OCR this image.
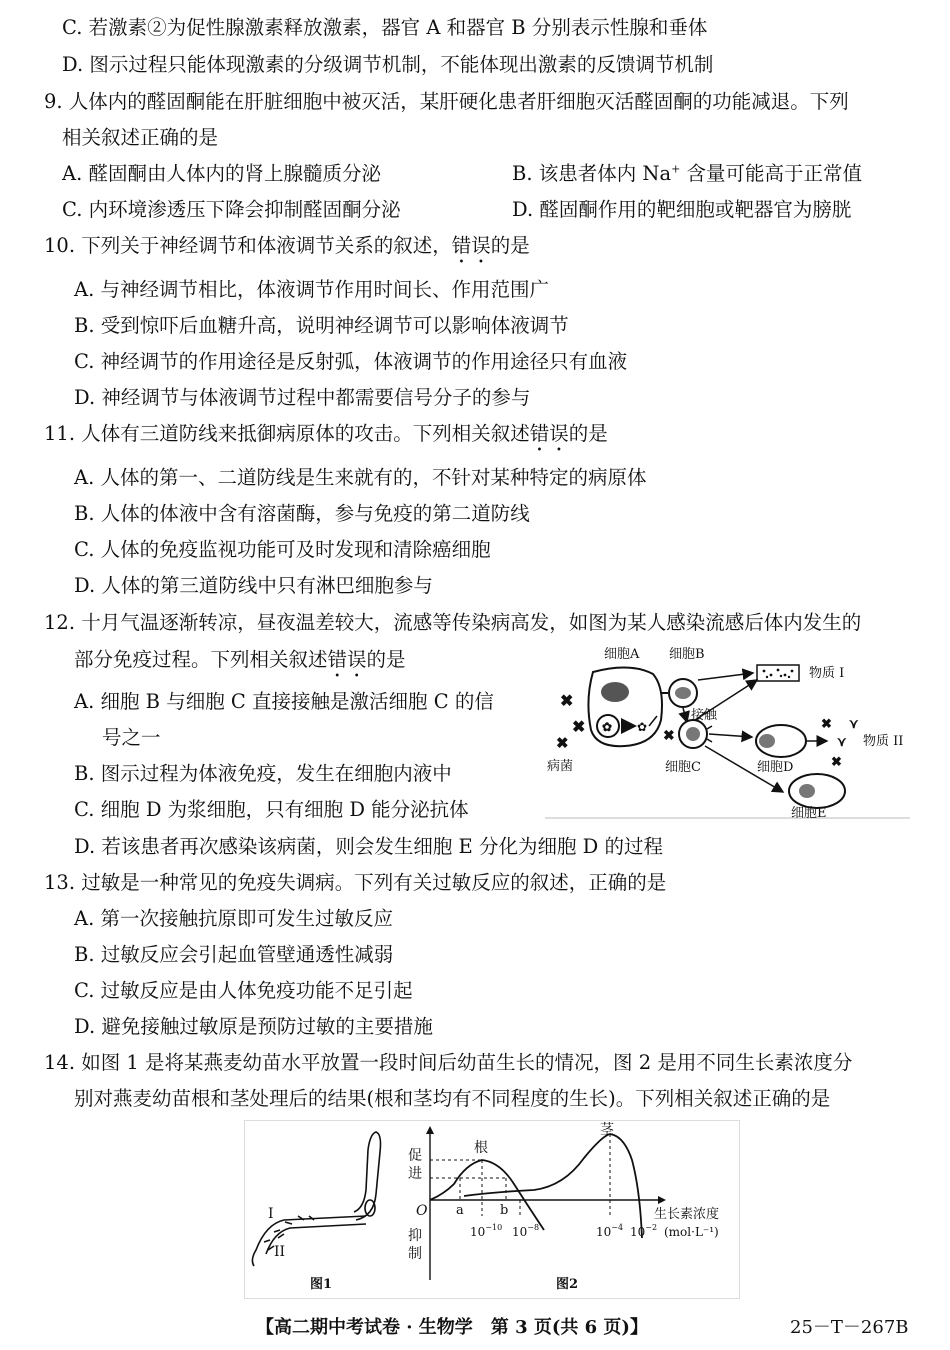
C. 若激素②为促性腺激素释放激素，器官 A 和器官 B 分别表示性腺和垂体
D. 图示过程只能体现激素的分级调节机制，不能体现出激素的反馈调节机制
9. 人体内的醛固酮能在肝脏细胞中被灭活，某肝硬化患者肝细胞灭活醛固酮的功能减退。下列
相关叙述正确的是
A. 醛固酮由人体内的肾上腺髓质分泌	B. 该患者体内 Na+ 含量可能高于正常值
C. 内环境渗透压下降会抑制醛固酮分泌	D. 醛固酮作用的靶细胞或靶器官为膀胱
10. 下列关于神经调节和体液调节关系的叙述，错误的是
A. 与神经调节相比，体液调节作用时间长、作用范围广
B. 受到惊吓后血糖升高，说明神经调节可以影响体液调节
C. 神经调节的作用途径是反射弧，体液调节的作用途径只有血液
D. 神经调节与体液调节过程中都需要信号分子的参与
11. 人体有三道防线来抵御病原体的攻击。下列相关叙述错误的是
A. 人体的第一、二道防线是生来就有的，不针对某种特定的病原体
B. 人体的体液中含有溶菌酶，参与免疫的第二道防线
C. 人体的免疫监视功能可及时发现和清除癌细胞
D. 人体的第三道防线中只有淋巴细胞参与
12. 十月气温逐渐转凉，昼夜温差较大，流感等传染病高发，如图为某人感染流感后体内发生的
部分免疫过程。下列相关叙述错误的是
A. 细胞 B 与细胞 C 直接接触是激活细胞 C 的信
号之一
B. 图示过程为体液免疫，发生在细胞内液中
C. 细胞 D 为浆细胞，只有细胞 D 能分泌抗体
D. 若该患者再次感染该病菌，则会发生细胞 E 分化为细胞 D 的过程
✿ ✿
✖
✖
✖	✖
✖
⋎
✖
⋎
细胞A 细胞B
物质 I
接触
病菌	细胞C	细胞D
物质 II
细胞E
13. 过敏是一种常见的免疫失调病。下列有关过敏反应的叙述，正确的是
A. 第一次接触抗原即可发生过敏反应
B. 过敏反应会引起血管壁通透性减弱
C. 过敏反应是由人体免疫功能不足引起
D. 避免接触过敏原是预防过敏的主要措施
14. 如图 1 是将某燕麦幼苗水平放置一段时间后幼苗生长的情况，图 2 是用不同生长素浓度分
别对燕麦幼苗根和茎处理后的结果(根和茎均有不同程度的生长)。下列相关叙述正确的是
I
II
图1
根
茎
促
进
O
抑
制
a	b
$10^{-10}$ $10^{-8}$	$10^{-4}$ $10^{-2}$
生长素浓度
(mol·L⁻¹)
图2
【高二期中考试卷 · 生物学　第 3 页(共 6 页)】	25－T－267B
